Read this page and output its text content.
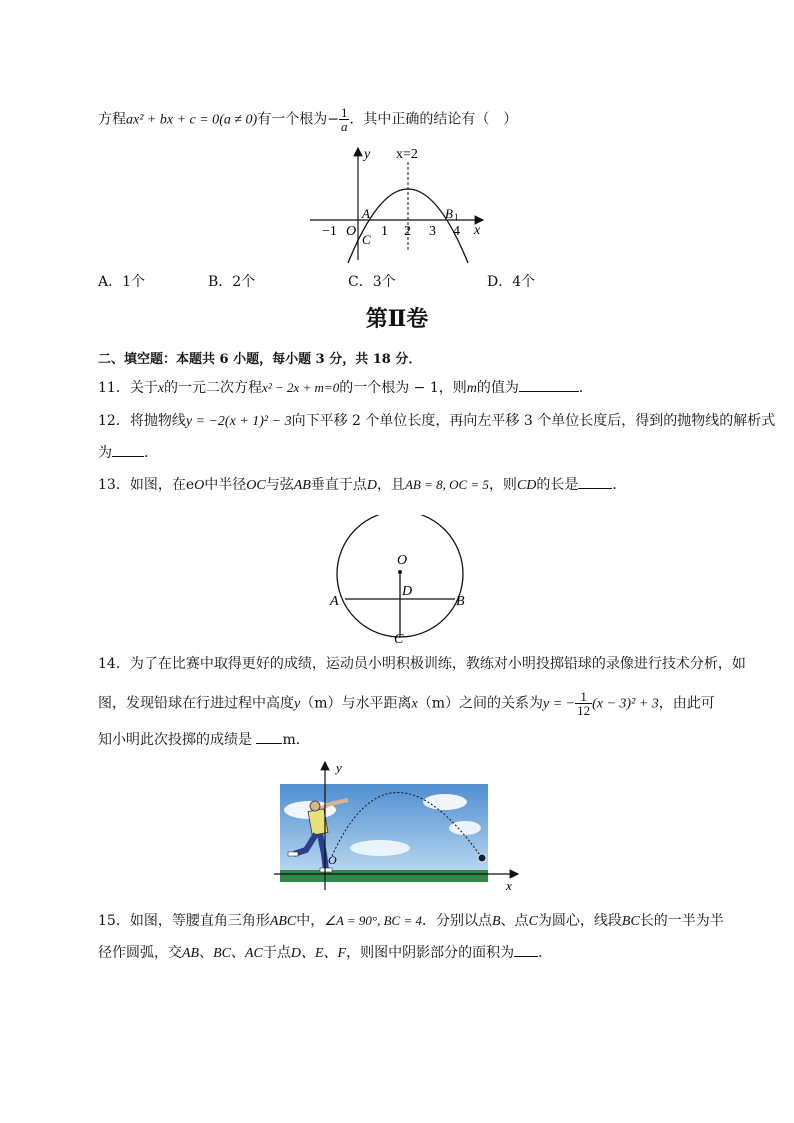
方程ax² + bx + c = 0(a ≠ 0)有一个根为− $\frac{1}{a}$ ．其中正确的结论有（　）
y
x
x=2
O
A	B 1
C
−1	1 2 3 4
A．1个	B．2个	C．3个	D．4个
第Ⅱ卷
二、填空题：本题共 6 小题，每小题 3 分，共 18 分．
11．关于x的一元二次方程x² − 2x + m=0的一个根为 − 1，则m的值为	．
12．将抛物线y = −2(x + 1)² − 3向下平移 2 个单位长度，再向左平移 3 个单位长度后，得到的抛物线的解析式
为 ．
13．如图，在eO中半径OC与弦AB垂直于点D，且AB = 8, OC = 5，则CD的长是 ．
O
D
A	B
C
14．为了在比赛中取得更好的成绩，运动员小明积极训练，教练对小明投掷铅球的录像进行技术分析，如
图，发现铅球在行进过程中高度y（m）与水平距离x（m）之间的关系为y = − $\frac{1}{12} (x - 3)^2 + 3$，由此可
知小明此次投掷的成绩是 m．
y
x
O
15．如图，等腰直角三角形ABC中，∠A = 90°, BC = 4．分别以点B、点C为圆心，线段BC长的一半为半
径作圆弧，交AB、BC、AC于点D、E、F，则图中阴影部分的面积为 ．
